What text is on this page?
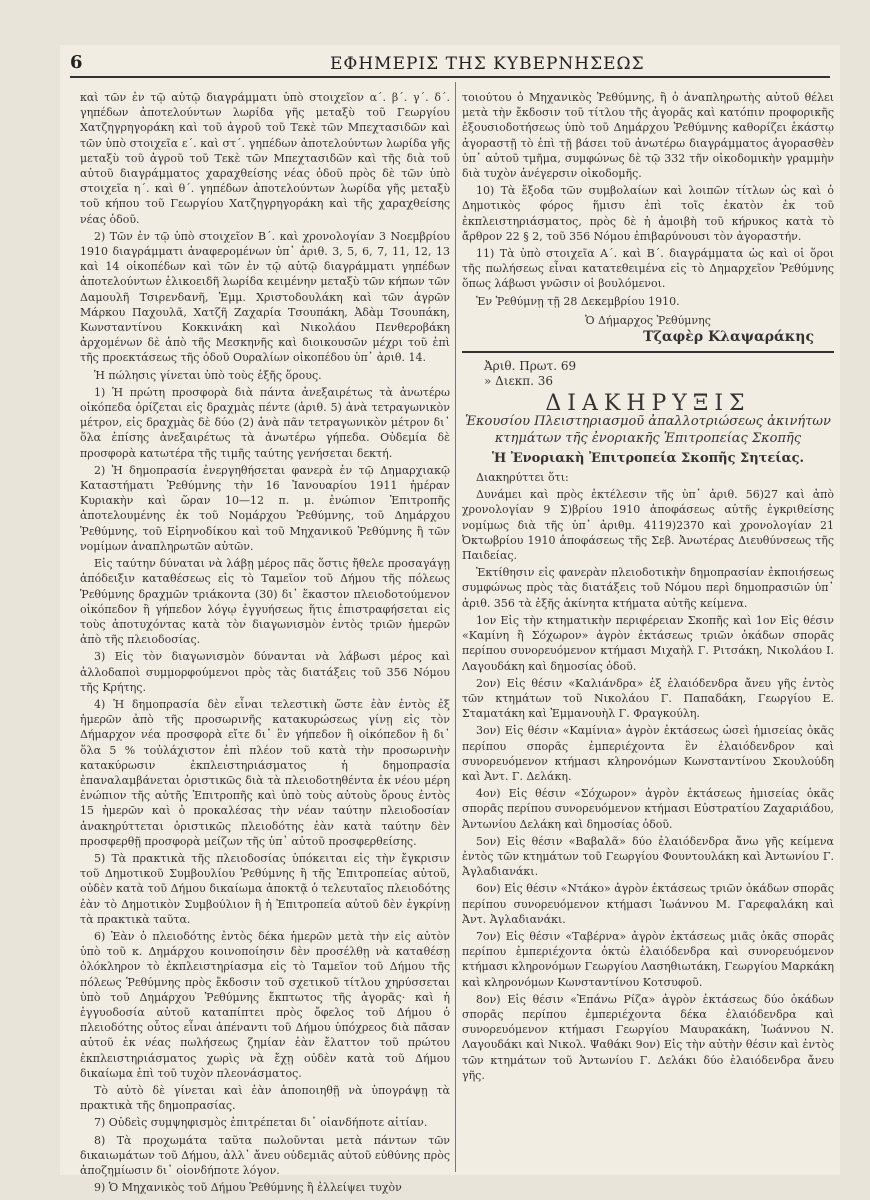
6	ΕΦΗΜΕΡΙΣ ΤΗΣ ΚΥΒΕΡΝΗΣΕΩΣ

καὶ τῶν ἐν τῷ αὐτῷ διαγράμματι ὑπὸ στοιχεῖον α΄. β΄. γ΄. δ΄. γηπέδων ἀποτελούντων λωρίδα γῆς μεταξὺ τοῦ Γεωργίου Χατζηγρηγοράκη καὶ τοῦ ἀγροῦ τοῦ Τεκὲ τῶν Μπεχτασιδῶν καὶ τῶν ὑπὸ στοιχεῖα ε΄. καὶ στ΄. γηπέδων ἀποτελούντων λωρίδα γῆς μεταξὺ τοῦ ἀγροῦ τοῦ Τεκὲ τῶν Μπεχτασιδῶν καὶ τῆς διὰ τοῦ αὐτοῦ διαγράμματος χαραχθείσης νέας ὁδοῦ πρὸς δὲ τῶν ὑπὸ στοιχεῖα η΄. καὶ θ΄. γηπέδων ἀποτελούντων λωρίδα γῆς μεταξὺ τοῦ κήπου τοῦ Γεωργίου Χατζηγρηγοράκη καὶ τῆς χαραχθείσης νέας ὁδοῦ.

2) Τῶν ἐν τῷ ὑπὸ στοιχεῖον Β΄. καὶ χρονολογίαν 3 Νοεμβρίου 1910 διαγράμματι ἀναφερομένων ὑπ᾽ ἀριθ. 3, 5, 6, 7, 11, 12, 13 καὶ 14 οἰκοπέδων καὶ τῶν ἐν τῷ αὐτῷ διαγράμματι γηπέδων ἀποτελούντων ἑλικοειδῆ λωρίδα κειμένην μεταξὺ τῶν κήπων τῶν Δαμουλῆ Τσιρενδανῆ, Ἐμμ. Χριστοδουλάκη καὶ τῶν ἀγρῶν Μάρκου Παχουλᾶ, Χατζῆ Ζαχαρία Τσουπάκη, Ἀδὰμ Τσουπάκη, Κωνσταντίνου Κοκκινάκη καὶ Νικολάου Πενθεροβάκη ἀρχομένων δὲ ἀπὸ τῆς Μεσκηνῆς καὶ διοικουσῶν μέχρι τοῦ ἐπὶ τῆς προεκτάσεως τῆς ὁδοῦ Ουραλίων οἰκοπέδου ὑπ᾽ ἀριθ. 14.

Ἡ πώλησις γίνεται ὑπὸ τοὺς ἑξῆς ὅρους.

1) Ἡ πρώτη προσφορὰ διὰ πάντα ἀνεξαιρέτως τὰ ἀνωτέρω οἰκόπεδα ὁρίζεται εἰς δραχμὰς πέντε (ἀριθ. 5) ἀνὰ τετραγωνικὸν μέτρον, εἰς δραχμὰς δὲ δύο (2) ἀνὰ πᾶν τετραγωνικὸν μέτρον δι᾽ ὅλα ἐπίσης ἀνεξαιρέτως τὰ ἀνωτέρω γήπεδα. Οὐδεμία δὲ προσφορὰ κατωτέρα τῆς τιμῆς ταύτης γενήσεται δεκτή.

2) Ἡ δημοπρασία ἐνεργηθήσεται φανερὰ ἐν τῷ Δημαρχιακῷ Καταστήματι Ῥεθύμνης τὴν 16 Ἰανουαρίου 1911 ἡμέραν Κυριακὴν καὶ ὥραν 10—12 π. μ. ἐνώπιον Ἐπιτροπῆς ἀποτελουμένης ἐκ τοῦ Νομάρχου Ῥεθύμνης, τοῦ Δημάρχου Ῥεθύμνης, τοῦ Εἰρηνοδίκου καὶ τοῦ Μηχανικοῦ Ῥεθύμνης ἢ τῶν νομίμων ἀναπληρωτῶν αὐτῶν.

Εἰς ταύτην δύναται νὰ λάβῃ μέρος πᾶς ὅστις ἤθελε προσαγάγῃ ἀπόδειξιν καταθέσεως εἰς τὸ Ταμεῖον τοῦ Δήμου τῆς πόλεως Ῥεθύμνης δραχμῶν τριάκοντα (30) δι᾽ ἕκαστον πλειοδοτούμενον οἰκόπεδον ἢ γήπεδον λόγῳ ἐγγυήσεως ἥτις ἐπιστραφήσεται εἰς τοὺς ἀποτυχόντας κατὰ τὸν διαγωνισμὸν ἐντὸς τριῶν ἡμερῶν ἀπὸ τῆς πλειοδοσίας.

3) Εἰς τὸν διαγωνισμὸν δύνανται νὰ λάβωσι μέρος καὶ ἀλλοδαποὶ συμμορφούμενοι πρὸς τὰς διατάξεις τοῦ 356 Νόμου τῆς Κρήτης.

4) Ἡ δημοπρασία δὲν εἶναι τελεστικὴ ὥστε ἐὰν ἐντὸς ἐξ ἡμερῶν ἀπὸ τῆς προσωρινῆς κατακυρώσεως γίνῃ εἰς τὸν Δήμαρχον νέα προσφορὰ εἴτε δι᾽ ἓν γήπεδον ἢ οἰκόπεδον ἢ δι᾽ ὅλα 5 % τοὐλάχιστον ἐπὶ πλέον τοῦ κατὰ τὴν προσωρινὴν κατακύρωσιν ἐκπλειστηριάσματος ἡ δημοπρασία ἐπαναλαμβάνεται ὁριστικῶς διὰ τὰ πλειοδοτηθέντα ἐκ νέου μέρη ἐνώπιον τῆς αὐτῆς Ἐπιτροπῆς καὶ ὑπὸ τοὺς αὐτοὺς ὅρους ἐντὸς 15 ἡμερῶν καὶ ὁ προκαλέσας τὴν νέαν ταύτην πλειοδοσίαν ἀνακηρύττεται ὁριστικῶς πλειοδότης ἐὰν κατὰ ταύτην δὲν προσφερθῇ προσφορὰ μείζων τῆς ὑπ᾽ αὐτοῦ προσφερθείσης.

5) Τὰ πρακτικὰ τῆς πλειοδοσίας ὑπόκειται εἰς τὴν ἔγκρισιν τοῦ Δημοτικοῦ Συμβουλίου Ῥεθύμνης ἢ τῆς Ἐπιτροπείας αὐτοῦ, οὐδὲν κατὰ τοῦ Δήμου δικαίωμα ἀποκτᾷ ὁ τελευταῖος πλειοδότης ἐὰν τὸ Δημοτικὸν Συμβούλιον ἢ ἡ Ἐπιτροπεία αὐτοῦ δὲν ἐγκρίνῃ τὰ πρακτικὰ ταῦτα.

6) Ἐὰν ὁ πλειοδότης ἐντὸς δέκα ἡμερῶν μετὰ τὴν εἰς αὐτὸν ὑπὸ τοῦ κ. Δημάρχου κοινοποίησιν δὲν προσέλθῃ νὰ καταθέσῃ ὁλόκληρον τὸ ἐκπλειστηρίασμα εἰς τὸ Ταμεῖον τοῦ Δήμου τῆς πόλεως Ῥεθύμνης πρὸς ἔκδοσιν τοῦ σχετικοῦ τίτλου χηρύσσεται ὑπὸ τοῦ Δημάρχου Ῥεθύμνης ἔκπτωτος τῆς ἀγορᾶς· καὶ ἡ ἐγγυοδοσία αὐτοῦ καταπίπτει πρὸς ὄφελος τοῦ Δήμου ὁ πλειοδότης οὗτος εἶναι ἀπέναντι τοῦ Δήμου ὑπόχρεος διὰ πᾶσαν αὐτοῦ ἐκ νέας πωλήσεως ζημίαν ἐὰν ἔλαττον τοῦ πρώτου ἐκπλειστηριάσματος χωρὶς νὰ ἔχῃ οὐδὲν κατὰ τοῦ Δήμου δικαίωμα ἐπὶ τοῦ τυχὸν πλεονάσματος.

Τὸ αὐτὸ δὲ γίνεται καὶ ἐὰν ἀποποιηθῇ νὰ ὑπογράψῃ τὰ πρακτικὰ τῆς δημοπρασίας.

7) Οὐδεὶς συμψηφισμὸς ἐπιτρέπεται δι᾽ οἱανδήποτε αἰτίαν.

8) Τὰ προχωμάτα ταῦτα πωλοῦνται μετὰ πάντων τῶν δικαιωμάτων τοῦ Δήμου, ἀλλ᾽ ἄνευ οὐδεμιᾶς αὐτοῦ εὐθύνης πρὸς ἀποζημίωσιν δι᾽ οἱονδήποτε λόγον.

9) Ὁ Μηχανικὸς τοῦ Δήμου Ῥεθύμνης ἢ ἐλλείψει τυχὸν

τοιούτου ὁ Μηχανικὸς Ῥεθύμνης, ἢ ὁ ἀναπληρωτὴς αὐτοῦ θέλει μετὰ τὴν ἔκδοσιν τοῦ τίτλου τῆς ἀγορᾶς καὶ κατόπιν προφορικῆς ἐξουσιοδοτήσεως ὑπὸ τοῦ Δημάρχου Ῥεθύμνης καθορίζει ἑκάστῳ ἀγοραστῇ τὸ ἐπὶ τῇ βάσει τοῦ ἀνωτέρω διαγράμματος ἀγορασθὲν ὑπ᾽ αὐτοῦ τμῆμα, συμφώνως δὲ τῷ 332 τῆν οἰκοδομικὴν γραμμὴν διὰ τυχὸν ἀνέγερσιν οἰκοδομῆς.

10) Τὰ ἔξοδα τῶν συμβολαίων καὶ λοιπῶν τίτλων ὡς καὶ ὁ Δημοτικὸς φόρος ἥμισυ ἐπὶ τοῖς ἑκατὸν ἐκ τοῦ ἐκπλειστηριάσματος, πρὸς δὲ ἡ ἀμοιβὴ τοῦ κήρυκος κατὰ τὸ ἄρθρον 22 § 2, τοῦ 356 Νόμου ἐπιβαρύνουσι τὸν ἀγοραστήν.

11) Τὰ ὑπὸ στοιχεῖα Α΄. καὶ Β΄. διαγράμματα ὡς καὶ οἱ ὅροι τῆς πωλήσεως εἶναι κατατεθειμένα εἰς τὸ Δημαρχεῖον Ῥεθύμνης ὅπως λάβωσι γνῶσιν οἱ βουλόμενοι.

Ἐν Ῥεθύμνῃ τῇ 28 Δεκεμβρίου 1910.

Ὁ Δήμαρχος Ῥεθύμνης
Τζαφὲρ Κλαψαράκης
Ἀριθ. Πρωτ. 69
» Διεκπ. 36
ΔΙΑΚΗΡΥΞΙΣ
Ἑκουσίου Πλειστηριασμοῦ ἀπαλλοτριώσεως ἀκινήτων κτημάτων τῆς ἐνοριακῆς Ἐπιτροπείας Σκοπῆς
Ἡ Ἐνοριακὴ Ἐπιτροπεία Σκοπῆς Σητείας.

Διακηρύττει ὅτι:

Δυνάμει καὶ πρὸς ἐκτέλεσιν τῆς ὑπ᾽ ἀριθ. 56)27 καὶ ἀπὸ χρονολογίαν 9 Σ)βρίου 1910 ἀποφάσεως αὐτῆς ἐγκριθείσης νομίμως διὰ τῆς ὑπ᾽ ἀριθμ. 4119)2370 καὶ χρονολογίαν 21 Ὀκτωβρίου 1910 ἀποφάσεως τῆς Σεβ. Ἀνωτέρας Διευθύνσεως τῆς Παιδείας.

Ἐκτίθησιν εἰς φανερὰν πλειοδοτικὴν δημοπρασίαν ἐκποιήσεως συμφώνως πρὸς τὰς διατάξεις τοῦ Νόμου περὶ δημοπρασιῶν ὑπ᾽ ἀριθ. 356 τὰ ἐξῆς ἀκίνητα κτήματα αὐτῆς κείμενα.

1ον Εἰς τὴν κτηματικὴν περιφέρειαν Σκοπῆς καὶ 1ον Εἰς θέσιν «Καμίνη ἢ Σόχωρον» ἀγρὸν ἐκτάσεως τριῶν ὀκάδων σπορᾶς περίπου συνορευόμενον κτήμασι Μιχαὴλ Γ. Ριτσάκη, Νικολάου Ι. Λαγουδάκη καὶ δημοσίας ὁδοῦ.

2ον) Εἰς θέσιν «Καλιάνδρα» ἐξ ἐλαιόδενδρα ἄνευ γῆς ἐντὸς τῶν κτημάτων τοῦ Νικολάου Γ. Παπαδάκη, Γεωργίου Ε. Σταματάκη καὶ Ἐμμανουὴλ Γ. Φραγκούλη.

3ον) Εἰς θέσιν «Καμίνια» ἀγρὸν ἐκτάσεως ὡσεὶ ἡμισείας ὀκᾶς περίπου σπορᾶς ἐμπεριέχοντα ἓν ἐλαιόδενδρον καὶ συνορευόμενον κτήμασι κληρονόμων Κωνσταντίνου Σκουλούδη καὶ Ἀντ. Γ. Δελάκη.

4ον) Εἰς θέσιν «Σόχωρον» ἀγρὸν ἐκτάσεως ἡμισείας ὀκᾶς σπορᾶς περίπου συνορευόμενον κτήμασι Εὐστρατίου Ζαχαριάδου, Ἀντωνίου Δελάκη καὶ δημοσίας ὁδοῦ.

5ον) Εἰς θέσιν «Βαβαλᾶ» δύο ἐλαιόδενδρα ἄνω γῆς κείμενα ἐντὸς τῶν κτημάτων τοῦ Γεωργίου Φουντουλάκη καὶ Ἀντωνίου Γ. Ἀγλαδιανάκι.

6ον) Εἰς θέσιν «Ντάκο» ἀγρὸν ἐκτάσεως τριῶν ὀκάδων σπορᾶς περίπου συνορευόμενον κτήμασι Ἰωάννου Μ. Γαρεφαλάκη καὶ Ἀντ. Ἀγλαδιανάκι.

7ον) Εἰς θέσιν «Ταβέρνα» ἀγρὸν ἐκτάσεως μιᾶς ὀκᾶς σπορᾶς περίπου ἐμπεριέχοντα ὀκτὼ ἐλαιόδενδρα καὶ συνορευόμενον κτήμασι κληρονόμων Γεωργίου Λασηθιωτάκη, Γεωργίου Μαρκάκη καὶ κληρονόμων Κωνσταντίνου Κοτσυφοῦ.

8ον) Εἰς θέσιν «Ἐπάνω Ρίζα» ἀγρὸν ἐκτάσεως δύο ὀκάδων σπορᾶς περίπου ἐμπεριέχοντα δέκα ἐλαιόδενδρα καὶ συνορευόμενον κτήμασι Γεωργίου Μαυρακάκη, Ἰωάννου Ν. Λαγουδάκι καὶ Νικολ. Ψαθάκι 9ον) Εἰς τὴν αὐτὴν θέσιν καὶ ἐντὸς τῶν κτημάτων τοῦ Ἀντωνίου Γ. Δελάκι δύο ἐλαιόδενδρα ἄνευ γῆς.
